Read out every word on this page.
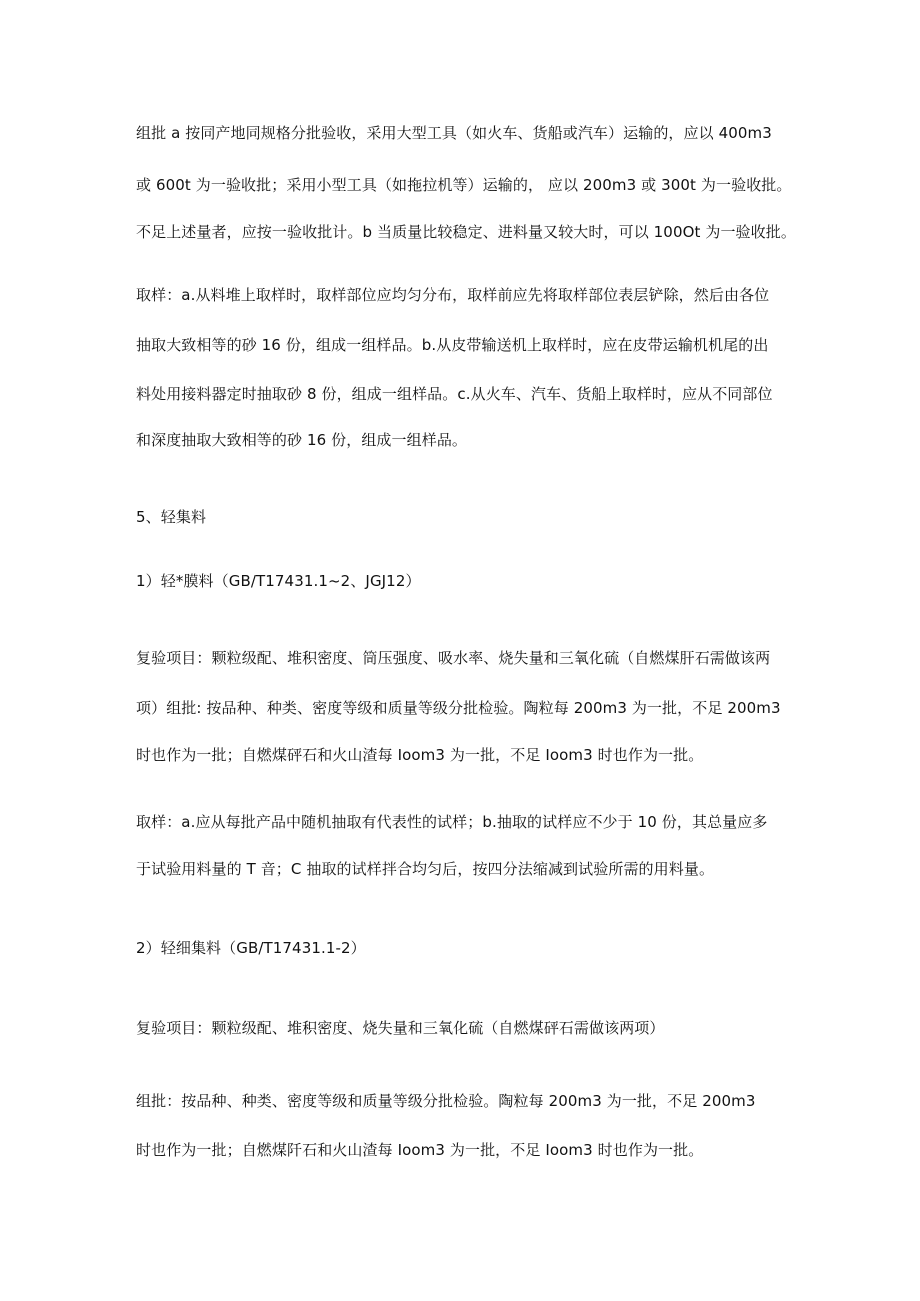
组批 a 按同产地同规格分批验收，采用大型工具（如火车、货船或汽车）运输的，应以 400m3
或 600t 为一验收批；采用小型工具（如拖拉机等）运输的， 应以 200m3 或 300t 为一验收批。
不足上述量者，应按一验收批计。b 当质量比较稳定、进料量又较大时，可以 100Ot 为一验收批。
取样：a.从料堆上取样时，取样部位应均匀分布，取样前应先将取样部位表层铲除，然后由各位
抽取大致相等的砂 16 份，组成一组样品。b.从皮带输送机上取样时，应在皮带运输机机尾的出
料处用接料器定时抽取砂 8 份，组成一组样品。c.从火车、汽车、货船上取样时，应从不同部位
和深度抽取大致相等的砂 16 份，组成一组样品。
5、轻集料
1）轻*膜料（GB/T17431.1~2、JGJ12）
复验项目：颗粒级配、堆积密度、筒压强度、吸水率、烧失量和三氧化硫（自燃煤肝石需做该两
项）组批: 按品种、种类、密度等级和质量等级分批检验。陶粒每 200m3 为一批，不足 200m3
时也作为一批；自燃煤砰石和火山渣每 Ioom3 为一批，不足 Ioom3 时也作为一批。
取样：a.应从每批产品中随机抽取有代表性的试样；b.抽取的试样应不少于 10 份，其总量应多
于试验用料量的 T 音；C 抽取的试样拌合均匀后，按四分法缩减到试验所需的用料量。
2）轻细集料（GB/T17431.1-2）
复验项目：颗粒级配、堆积密度、烧失量和三氧化硫（自燃煤砰石需做该两项）
组批：按品种、种类、密度等级和质量等级分批检验。陶粒每 200m3 为一批，不足 200m3
时也作为一批；自燃煤阡石和火山渣每 Ioom3 为一批，不足 Ioom3 时也作为一批。
